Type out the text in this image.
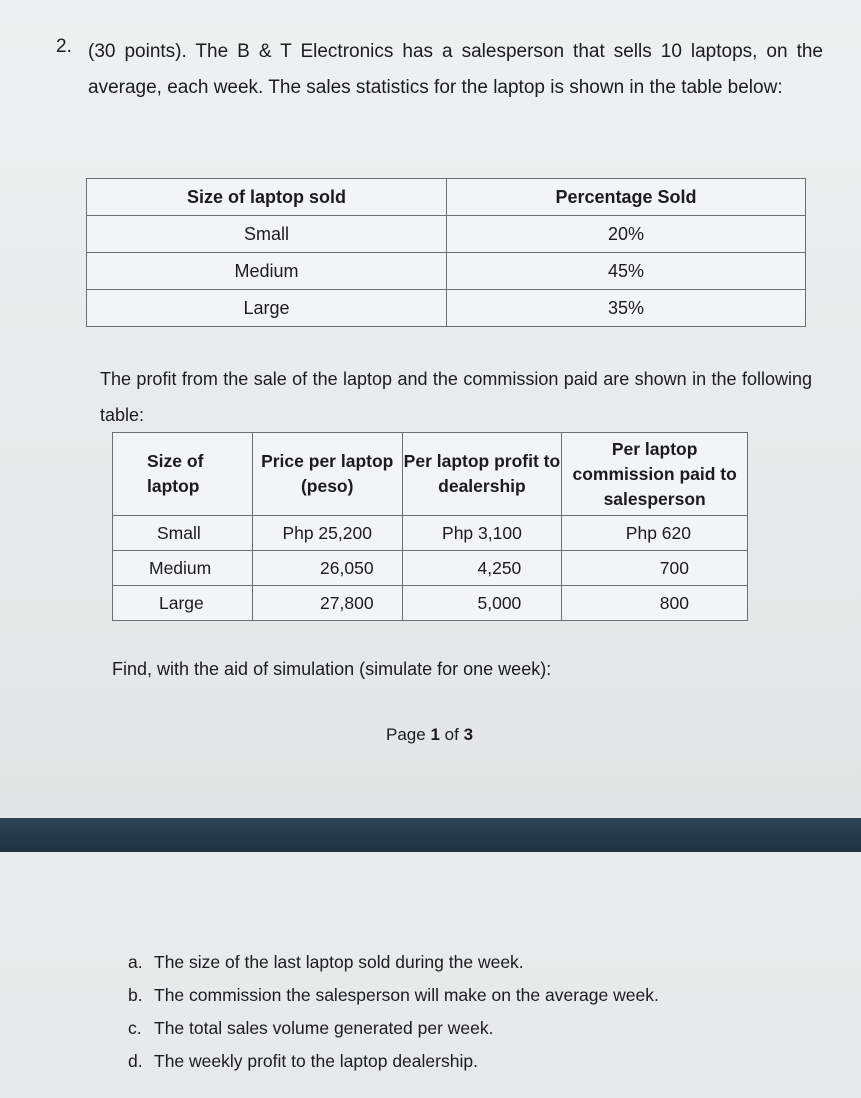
2. (30 points). The B & T Electronics has a salesperson that sells 10 laptops, on the average, each week. The sales statistics for the laptop is shown in the table below:
Size of laptop sold	Percentage Sold
Small	20%
Medium	45%
Large	35%
The profit from the sale of the laptop and the commission paid are shown in the following table:
Size of laptop	Price per laptop (peso)	Per laptop profit to dealership	Per laptop commission paid to salesperson
Small	Php 25,200	Php 3,100	Php 620
Medium	26,050	4,250	700
Large	27,800	5,000	800
Find, with the aid of simulation (simulate for one week):
Page 1 of 3
a. The size of the last laptop sold during the week.
b. The commission the salesperson will make on the average week.
c. The total sales volume generated per week.
d. The weekly profit to the laptop dealership.
